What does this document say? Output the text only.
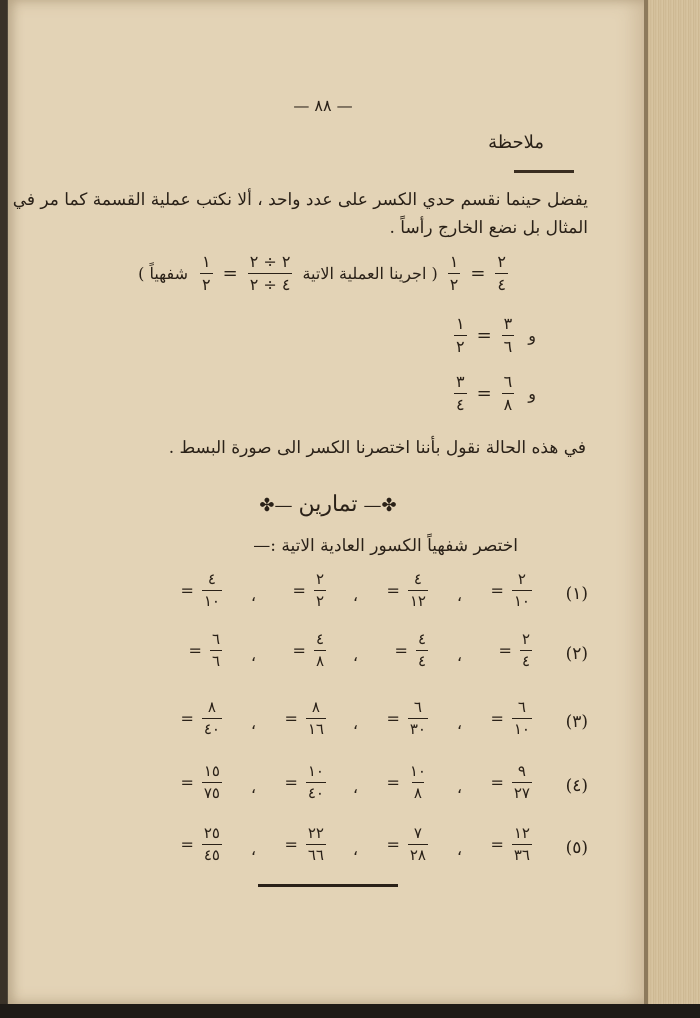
— ٨٨ —
ملاحظة
يفضل حينما نقسم حدي الكسر على عدد واحد ، ألا نكتب عملية القسمة كما مر في المثال بل نضع الخارج رأساً .
$\frac{٢}{٤}$
=
$\frac{١}{٢}$
( اجرينا العملية الاتية
$\frac{٢ \div ٢}{٤ \div ٢}$
=
$\frac{١}{٢}$
شفهياً )
و
$\frac{٣}{٦}$
=
$\frac{١}{٢}$
و
$\frac{٦}{٨}$
=
$\frac{٣}{٤}$
في هذه الحالة نقول بأننا اختصرنا الكسر الى صورة البسط .
✤—تمارين—✤
اختصر شفهياً الكسور العادية الاتية :—
(١)
$\frac{٢}{١٠}$
=
،
$\frac{٤}{١٢}$
=
،
$\frac{٢}{٢}$
=
،
$\frac{٤}{١٠}$
=
(٢)
$\frac{٢}{٤}$
=
،
$\frac{٤}{٤}$
=
،
$\frac{٤}{٨}$
=
،
$\frac{٦}{٦}$
=
(٣)
$\frac{٦}{١٠}$
=
،
$\frac{٦}{٣٠}$
=
،
$\frac{٨}{١٦}$
=
،
$\frac{٨}{٤٠}$
=
(٤)
$\frac{٩}{٢٧}$
=
،
$\frac{١٠}{٨}$
=
،
$\frac{١٠}{٤٠}$
=
،
$\frac{١٥}{٧٥}$
=
(٥)
$\frac{١٢}{٣٦}$
=
،
$\frac{٧}{٢٨}$
=
،
$\frac{٢٢}{٦٦}$
=
،
$\frac{٢٥}{٤٥}$
=
